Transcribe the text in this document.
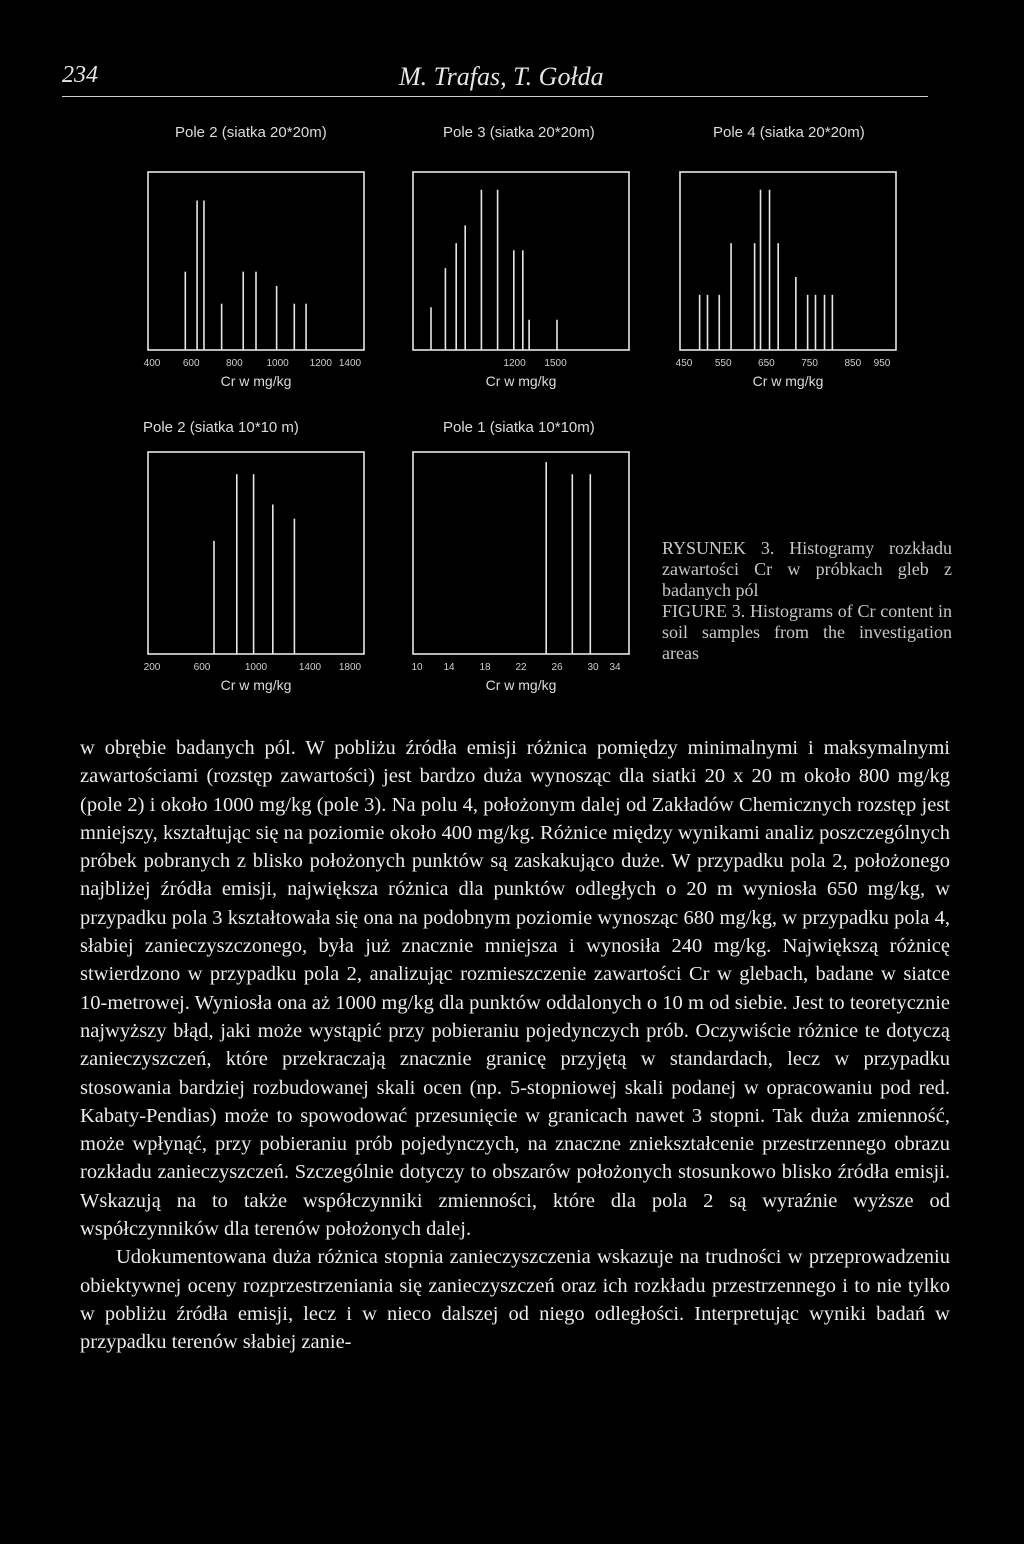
234	M. Trafas, T. Gołda
Pole 2 (siatka 20*20m)	Pole 3 (siatka 20*20m)	Pole 4 (siatka 20*20m)
Pole 2 (siatka 10*10 m)	Pole 1 (siatka 10*10m)
400 600	800 1000 1200 1400
Cr w mg/kg
1200 1500
Cr w mg/kg
450 550	650	750	850 950
Cr w mg/kg
200	600	1000	1400 1800
Cr w mg/kg
10 14 18 22 26 30 34
Cr w mg/kg
RYSUNEK 3. Histogramy rozkładu zawartości Cr w próbkach gleb z badanych pól
FIGURE 3. Histograms of Cr content in soil samples from the investigation areas

w obrębie badanych pól. W pobliżu źródła emisji różnica pomiędzy minimalnymi i maksymalnymi zawartościami (rozstęp zawartości) jest bardzo duża wynosząc dla siatki 20 x 20 m około 800 mg/kg (pole 2) i około 1000 mg/kg (pole 3). Na polu 4, położonym dalej od Zakładów Chemicznych rozstęp jest mniejszy, kształtując się na poziomie około 400 mg/kg. Różnice między wynikami analiz poszczególnych próbek pobranych z blisko położonych punktów są zaskakująco duże. W przypadku pola 2, położonego najbliżej źródła emisji, największa różnica dla punktów odległych o 20 m wyniosła 650 mg/kg, w przypadku pola 3 kształtowała się ona na podobnym poziomie wynosząc 680 mg/kg, w przypadku pola 4, słabiej zanieczyszczonego, była już znacznie mniejsza i wynosiła 240 mg/kg. Największą różnicę stwierdzono w przypadku pola 2, analizując rozmieszczenie zawartości Cr w glebach, badane w siatce 10-metrowej. Wyniosła ona aż 1000 mg/kg dla punktów oddalonych o 10 m od siebie. Jest to teoretycznie najwyższy błąd, jaki może wystąpić przy pobieraniu pojedynczych prób. Oczywiście różnice te dotyczą zanieczyszczeń, które przekraczają znacznie granicę przyjętą w standardach, lecz w przypadku stosowania bardziej rozbudowanej skali ocen (np. 5-stopniowej skali podanej w opracowaniu pod red. Kabaty-Pendias) może to spowodować przesunięcie w granicach nawet 3 stopni. Tak duża zmienność, może wpłynąć, przy pobieraniu prób pojedynczych, na znaczne zniekształcenie przestrzennego obrazu rozkładu zanieczyszczeń. Szczególnie dotyczy to obszarów położonych stosunkowo blisko źródła emisji. Wskazują na to także współczynniki zmienności, które dla pola 2 są wyraźnie wyższe od współczynników dla terenów położonych dalej.

Udokumentowana duża różnica stopnia zanieczyszczenia wskazuje na trudności w przeprowadzeniu obiektywnej oceny rozprzestrzeniania się zanieczyszczeń oraz ich rozkładu przestrzennego i to nie tylko w pobliżu źródła emisji, lecz i w nieco dalszej od niego odległości. Interpretując wyniki badań w przypadku terenów słabiej zanie-
